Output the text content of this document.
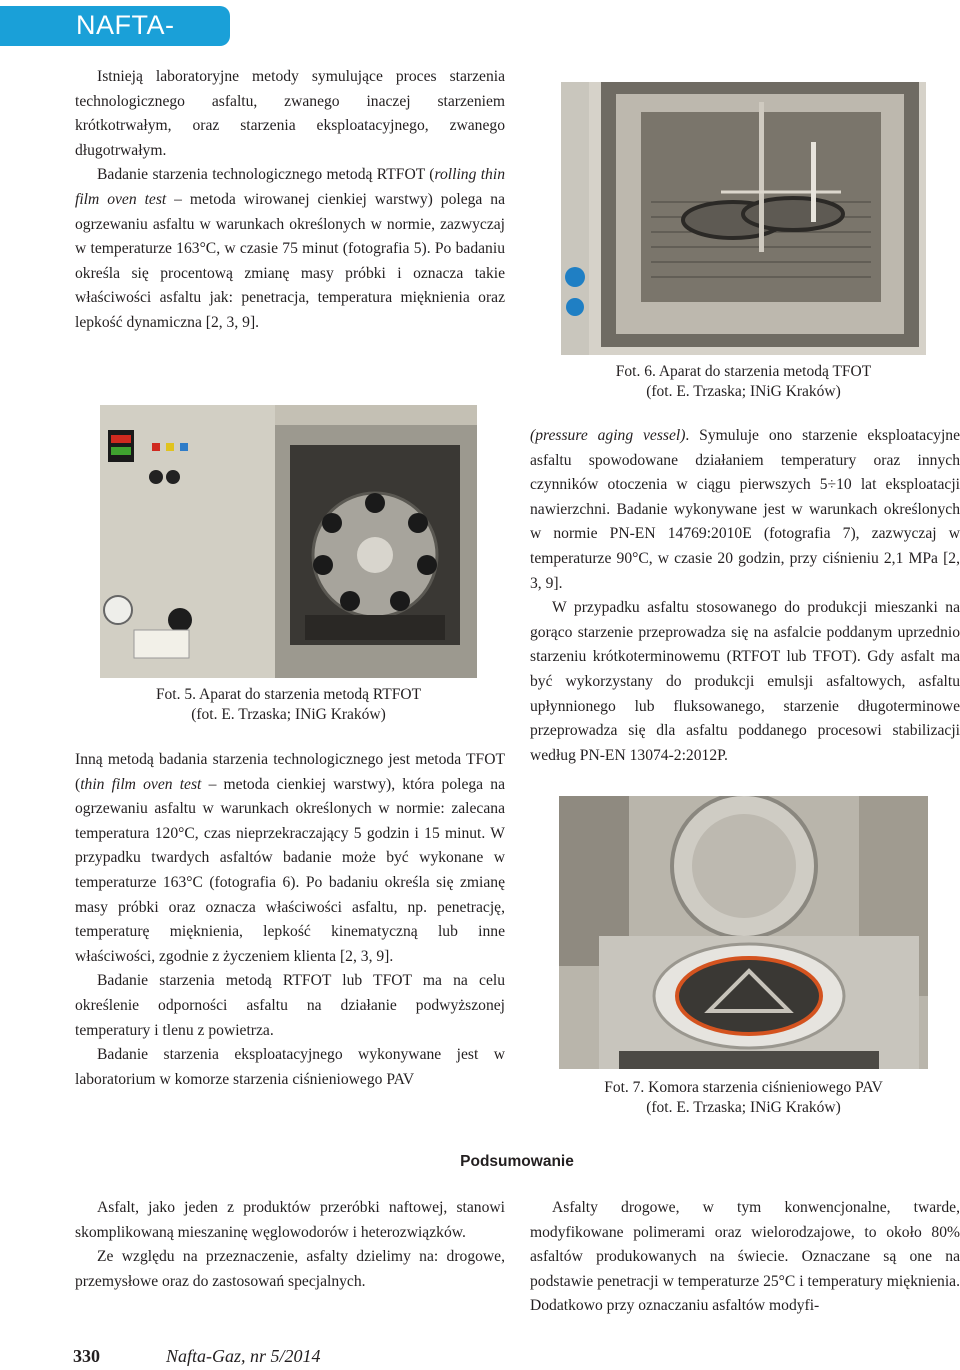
NAFTA-GAZ

Istnieją laboratoryjne metody symulujące proces starzenia technologicznego asfaltu, zwanego inaczej starzeniem krótkotrwałym, oraz starzenia eksploatacyjnego, zwanego długotrwałym.

Badanie starzenia technologicznego metodą RTFOT (rolling thin film oven test – metoda wirowanej cienkiej warstwy) polega na ogrzewaniu asfaltu w warunkach określonych w normie, zazwyczaj w temperaturze 163°C, w czasie 75 minut (fotografia 5). Po badaniu określa się procentową zmianę masy próbki i oznacza takie właściwości asfaltu jak: penetracja, temperatura mięknienia oraz lepkość dynamiczna [2, 3, 9].

Fot. 6. Aparat do starzenia metodą TFOT
(fot. E. Trzaska; INiG Kraków)
Fot. 5. Aparat do starzenia metodą RTFOT
(fot. E. Trzaska; INiG Kraków)

Inną metodą badania starzenia technologicznego jest metoda TFOT (thin film oven test – metoda cienkiej warstwy), która polega na ogrzewaniu asfaltu w warunkach określonych w normie: zalecana temperatura 120°C, czas nieprzekraczający 5 godzin i 15 minut. W przypadku twardych asfaltów badanie może być wykonane w temperaturze 163°C (fotografia 6). Po badaniu określa się zmianę masy próbki oraz oznacza właściwości asfaltu, np. penetrację, temperaturę mięknienia, lepkość kinematyczną lub inne właściwości, zgodnie z życzeniem klienta [2, 3, 9].

Badanie starzenia metodą RTFOT lub TFOT ma na celu określenie odporności asfaltu na działanie podwyższonej temperatury i tlenu z powietrza.

Badanie starzenia eksploatacyjnego wykonywane jest w laboratorium w komorze starzenia ciśnieniowego PAV

(pressure aging vessel). Symuluje ono starzenie eksploatacyjne asfaltu spowodowane działaniem temperatury oraz innych czynników otoczenia w ciągu pierwszych 5÷10 lat eksploatacji nawierzchni. Badanie wykonywane jest w warunkach określonych w normie PN-EN 14769:2010E (fotografia 7), zazwyczaj w temperaturze 90°C, w czasie 20 godzin, przy ciśnieniu 2,1 MPa [2, 3, 9].

W przypadku asfaltu stosowanego do produkcji mieszanki na gorąco starzenie przeprowadza się na asfalcie poddanym uprzednio starzeniu krótkoterminowemu (RTFOT lub TFOT). Gdy asfalt ma być wykorzystany do produkcji emulsji asfaltowych, asfaltu upłynnionego lub fluksowanego, starzenie długoterminowe przeprowadza się dla asfaltu poddanego procesowi stabilizacji według PN-EN 13074-2:2012P.

Fot. 7. Komora starzenia ciśnieniowego PAV
(fot. E. Trzaska; INiG Kraków)
Podsumowanie

Asfalt, jako jeden z produktów przeróbki naftowej, stanowi skomplikowaną mieszaninę węglowodorów i heterozwiązków.

Ze względu na przeznaczenie, asfalty dzielimy na: drogowe, przemysłowe oraz do zastosowań specjalnych.

Asfalty drogowe, w tym konwencjonalne, twarde, modyfikowane polimerami oraz wielorodzajowe, to około 80% asfaltów produkowanych na świecie. Oznaczane są one na podstawie penetracji w temperaturze 25°C i temperatury mięknienia. Dodatkowo przy oznaczaniu asfaltów modyfi-

330	Nafta-Gaz, nr 5/2014
